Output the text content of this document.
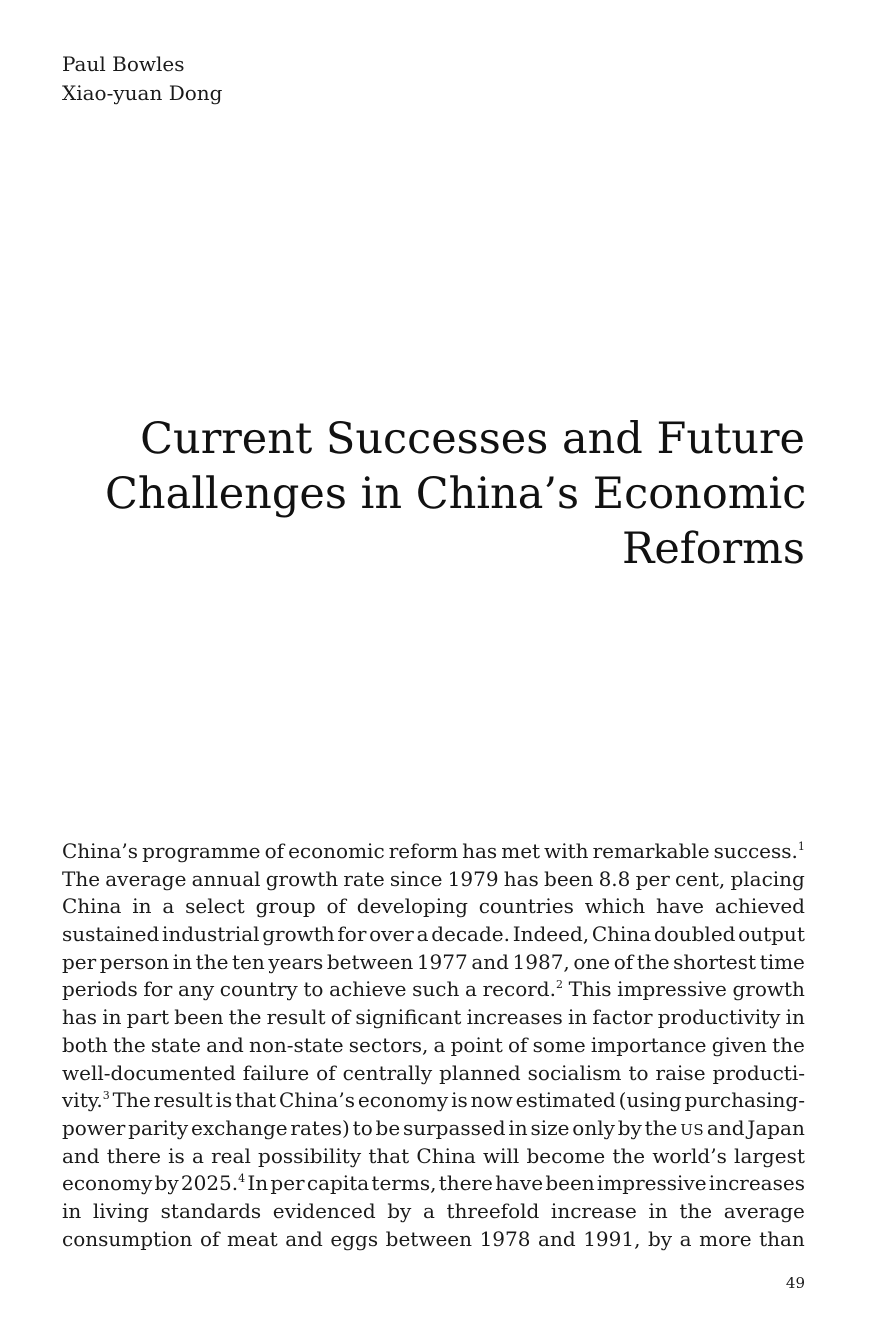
Paul Bowles
Xiao-yuan Dong
Current Successes and Future
Challenges in China’s Economic
Reforms
China’s programme of economic reform has met with remarkable success.$^1$
The average annual growth rate since 1979 has been 8.8 per cent, placing
China in a select group of developing countries which have achieved
sustained industrial growth for over a decade. Indeed, China doubled output
per person in the ten years between 1977 and 1987, one of the shortest time
periods for any country to achieve such a record.$^2$ This impressive growth
has in part been the result of significant increases in factor productivity in
both the state and non-state sectors, a point of some importance given the
well-documented failure of centrally planned socialism to raise producti-
vity.$^3$ The result is that China’s economy is now estimated (using purchasing-
power parity exchange rates) to be surpassed in size only by the US and Japan
and there is a real possibility that China will become the world’s largest
economy by 2025.$^4$ In per capita terms, there have been impressive increases
in living standards evidenced by a threefold increase in the average
consumption of meat and eggs between 1978 and 1991, by a more than
49
